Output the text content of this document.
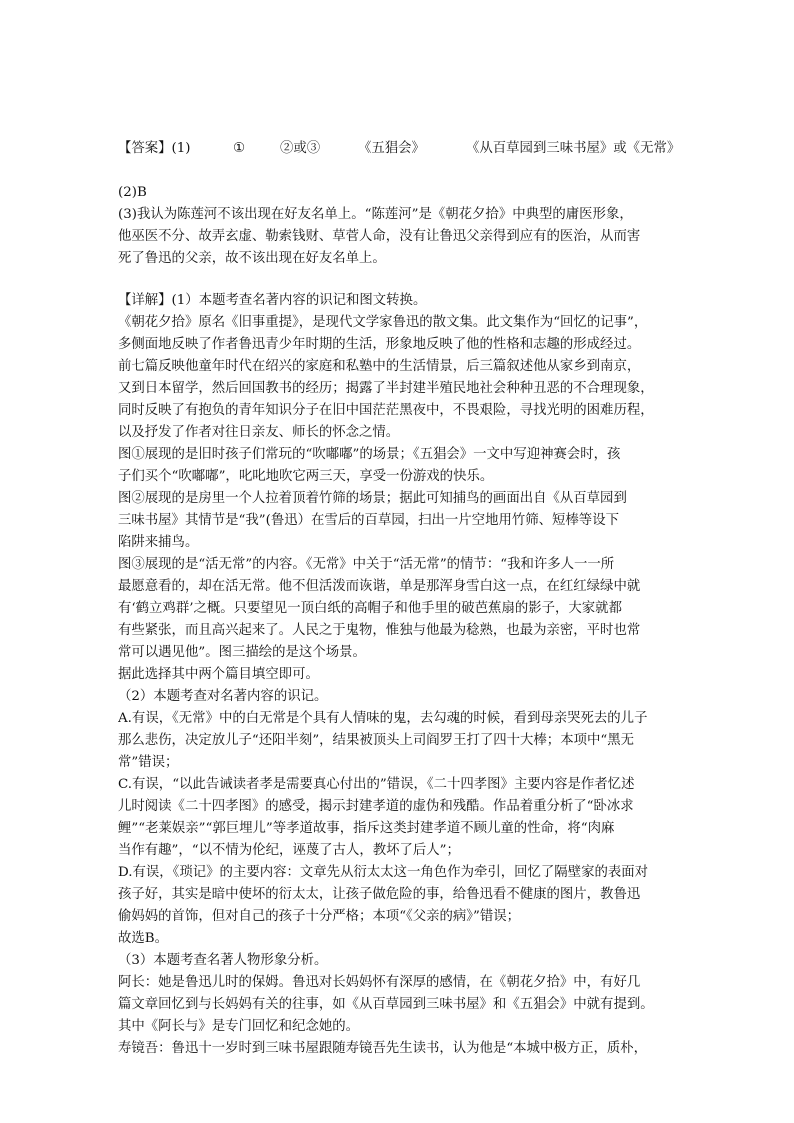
【答案】(1)	①	②或③	《五猖会》	《从百草园到三味书屋》或《无常》
(2)B
(3)我认为陈莲河不该出现在好友名单上。“陈莲河”是《朝花夕拾》中典型的庸医形象，
他巫医不分、故弄玄虚、勒索钱财、草菅人命，没有让鲁迅父亲得到应有的医治，从而害
死了鲁迅的父亲，故不该出现在好友名单上。
【详解】(1）本题考查名著内容的识记和图文转换。
《朝花夕拾》原名《旧事重提》，是现代文学家鲁迅的散文集。此文集作为“回忆的记事”，
多侧面地反映了作者鲁迅青少年时期的生活，形象地反映了他的性格和志趣的形成经过。
前七篇反映他童年时代在绍兴的家庭和私塾中的生活情景，后三篇叙述他从家乡到南京，
又到日本留学，然后回国教书的经历；揭露了半封建半殖民地社会种种丑恶的不合理现象，
同时反映了有抱负的青年知识分子在旧中国茫茫黑夜中，不畏艰险，寻找光明的困难历程，
以及抒发了作者对往日亲友、师长的怀念之情。
图①展现的是旧时孩子们常玩的“吹嘟嘟”的场景；《五猖会》一文中写迎神赛会时，孩
子们买个“吹嘟嘟”，叱叱地吹它两三天，享受一份游戏的快乐。
图②展现的是房里一个人拉着顶着竹筛的场景；据此可知捕鸟的画面出自《从百草园到
三味书屋》其情节是“我”(鲁迅）在雪后的百草园，扫出一片空地用竹筛、短棒等设下
陷阱来捕鸟。
图③展现的是“活无常”的内容。《无常》中关于“活无常”的情节：“我和许多人一一所
最愿意看的，却在活无常。他不但活泼而诙谐，单是那浑身雪白这一点，在红红绿绿中就
有‘鹤立鸡群’之概。只要望见一顶白纸的高帽子和他手里的破芭蕉扇的影子，大家就都
有些紧张，而且高兴起来了。人民之于鬼物，惟独与他最为稔熟，也最为亲密，平时也常
常可以遇见他”。图三描绘的是这个场景。
据此选择其中两个篇目填空即可。
（2）本题考查对名著内容的识记。
A.有误，《无常》中的白无常是个具有人情味的鬼，去勾魂的时候，看到母亲哭死去的儿子
那么悲伤，决定放儿子“还阳半刻”，结果被顶头上司阎罗王打了四十大棒；本项中“黑无
常”错误；
C.有误，“以此告诫读者孝是需要真心付出的”错误，《二十四孝图》主要内容是作者忆述
儿时阅读《二十四孝图》的感受，揭示封建孝道的虚伪和残酷。作品着重分析了“卧冰求
鲤”“老莱娱亲”“郭巨埋儿”等孝道故事，指斥这类封建孝道不顾儿童的性命，将“肉麻
当作有趣”，“以不情为伦纪，诬蔑了古人，教坏了后人”；
D.有误，《琐记》的主要内容：文章先从衍太太这一角色作为牵引，回忆了隔壁家的表面对
孩子好，其实是暗中使坏的衍太太，让孩子做危险的事，给鲁迅看不健康的图片，教鲁迅
偷妈妈的首饰，但对自己的孩子十分严格；本项“《父亲的病》”错误；
故选B。
（3）本题考查名著人物形象分析。
阿长：她是鲁迅儿时的保姆。鲁迅对长妈妈怀有深厚的感情，在《朝花夕拾》中，有好几
篇文章回忆到与长妈妈有关的往事，如《从百草园到三味书屋》和《五猖会》中就有提到。
其中《阿长与》是专门回忆和纪念她的。
寿镜吾：鲁迅十一岁时到三味书屋跟随寿镜吾先生读书，认为他是“本城中极方正，质朴，
